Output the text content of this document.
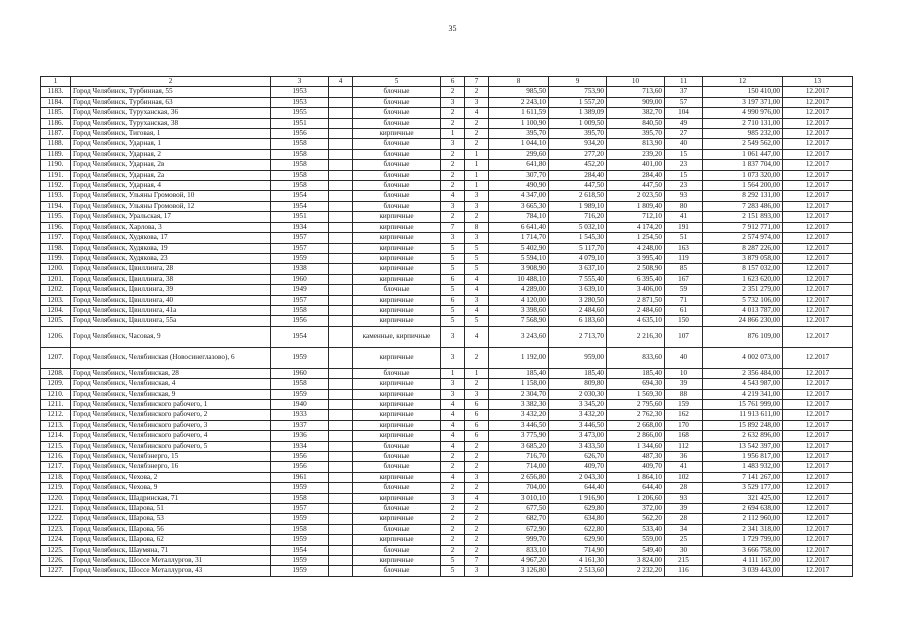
35
1	2	3	4	5	6	7	8	9	10	11	12	13
1183.	Город Челябинск, Турбинная, 55	1953		блочные	2	2	985,50	753,90	713,60	37	150 410,00	12.2017
1184.	Город Челябинск, Турбинная, 63	1953		блочные	3	3	2 243,10	1 557,20	909,00	57	3 197 371,00	12.2017
1185.	Город Челябинск, Туруханская, 36	1955		блочные	2	4	1 611,59	1 389,09	382,70	104	4 990 976,00	12.2017
1186.	Город Челябинск, Туруханская, 38	1951		блочные	2	2	1 100,90	1 009,50	840,50	49	2 710 131,00	12.2017
1187.	Город Челябинск, Тиговая, 1	1956		кирпичные	1	2	395,70	395,70	395,70	27	985 232,00	12.2017
1188.	Город Челябинск, Ударная, 1	1958		блочные	3	2	1 044,10	934,20	813,90	40	2 549 562,00	12.2017
1189.	Город Челябинск, Ударная, 2	1958		блочные	2	1	299,60	277,20	239,20	15	1 061 447,00	12.2017
1190.	Город Челябинск, Ударная, 2в	1958		блочные	2	1	641,80	452,20	401,00	23	1 837 704,00	12.2017
1191.	Город Челябинск, Ударная, 2а	1958		блочные	2	1	307,70	284,40	284,40	15	1 073 320,00	12.2017
1192.	Город Челябинск, Ударная, 4	1958		блочные	2	1	490,90	447,50	447,50	23	1 564 200,00	12.2017
1193.	Город Челябинск, Ульяны Громовой, 10	1954		блочные	4	3	4 347,00	2 618,50	2 023,50	93	8 292 131,00	12.2017
1194.	Город Челябинск, Ульяны Громовой, 12	1954		блочные	3	3	3 665,30	1 989,10	1 809,40	80	7 283 486,00	12.2017
1195.	Город Челябинск, Уральская, 17	1951		кирпичные	2	2	784,10	716,20	712,10	41	2 151 893,00	12.2017
1196.	Город Челябинск, Харлова, 3	1934		кирпичные	7	8	6 641,40	5 032,10	4 174,20	191	7 912 771,00	12.2017
1197.	Город Челябинск, Худякова, 17	1957		кирпичные	3	3	1 714,70	1 545,30	1 254,50	51	2 574 974,00	12.2017
1198.	Город Челябинск, Худякова, 19	1957		кирпичные	5	5	5 402,90	5 117,70	4 248,00	163	8 287 226,00	12.2017
1199.	Город Челябинск, Худякова, 23	1959		кирпичные	5	5	5 594,10	4 079,10	3 995,40	119	3 879 058,00	12.2017
1200.	Город Челябинск, Цвиллинга, 28	1938		кирпичные	5	5	3 908,90	3 637,10	2 508,90	85	8 157 032,00	12.2017
1201.	Город Челябинск, Цвиллинга, 38	1960		кирпичные	6	4	10 488,10	7 555,40	6 395,40	167	1 623 620,00	12.2017
1202.	Город Челябинск, Цвиллинга, 39	1949		блочные	5	4	4 289,00	3 639,10	3 406,00	59	2 351 279,00	12.2017
1203.	Город Челябинск, Цвиллинга, 40	1957		кирпичные	6	3	4 120,00	3 280,50	2 871,50	71	5 732 106,00	12.2017
1204.	Город Челябинск, Цвиллинга, 41а	1958		кирпичные	5	4	3 398,60	2 484,60	2 484,60	61	4 013 787,00	12.2017
1205.	Город Челябинск, Цвиллинга, 55а	1956		кирпичные	5	5	7 568,90	6 183,60	4 635,10	150	24 866 230,00	12.2017
1206.	Город Челябинск, Часовая, 9	1954		каменные, кирпичные	3	4	3 243,60	2 713,70	2 216,30	107	876 109,00	12.2017
1207.	Город Челябинск, Челябинская (Новосинеглазово), 6	1959		кирпичные	3	2	1 192,00	959,00	833,60	40	4 002 073,00	12.2017
1208.	Город Челябинск, Челябинская, 28	1960		блочные	1	1	185,40	185,40	185,40	10	2 356 484,00	12.2017
1209.	Город Челябинск, Челябинская, 4	1958		кирпичные	3	2	1 158,00	809,80	694,30	39	4 543 987,00	12.2017
1210.	Город Челябинск, Челябинская, 9	1959		кирпичные	3	3	2 304,70	2 030,30	1 569,30	88	4 219 341,00	12.2017
1211.	Город Челябинск, Челябинского рабочего, 1	1940		кирпичные	4	6	3 382,30	3 345,20	2 795,60	159	15 761 999,00	12.2017
1212.	Город Челябинск, Челябинского рабочего, 2	1933		кирпичные	4	6	3 432,20	3 432,20	2 762,30	162	11 913 611,00	12.2017
1213.	Город Челябинск, Челябинского рабочего, 3	1937		кирпичные	4	6	3 446,50	3 446,50	2 668,00	170	15 892 248,00	12.2017
1214.	Город Челябинск, Челябинского рабочего, 4	1936		кирпичные	4	6	3 775,90	3 473,00	2 866,00	168	2 632 896,00	12.2017
1215.	Город Челябинск, Челябинского рабочего, 5	1934		блочные	4	2	3 685,20	3 433,50	1 344,60	112	13 542 397,00	12.2017
1216.	Город Челябинск, Челябэнерго, 15	1956		блочные	2	2	716,70	626,70	487,30	36	1 956 817,00	12.2017
1217.	Город Челябинск, Челябэнерго, 16	1956		блочные	2	2	714,00	409,70	409,70	41	1 483 932,00	12.2017
1218.	Город Челябинск, Чехова, 2	1961		кирпичные	4	3	2 656,80	2 043,30	1 864,10	102	7 141 267,00	12.2017
1219.	Город Челябинск, Чехова, 9	1959		блочные	2	2	704,00	644,40	644,40	28	3 529 177,00	12.2017
1220.	Город Челябинск, Шадринская, 71	1958		кирпичные	3	4	3 010,10	1 916,90	1 206,60	93	321 425,00	12.2017
1221.	Город Челябинск, Шарова, 51	1957		блочные	2	2	677,50	629,80	372,00	39	2 694 638,00	12.2017
1222.	Город Челябинск, Шарова, 53	1959		кирпичные	2	2	682,70	634,80	562,20	28	2 112 960,00	12.2017
1223.	Город Челябинск, Шарова, 56	1958		блочные	2	2	672,90	622,80	533,40	34	2 341 318,00	12.2017
1224.	Город Челябинск, Шарова, 62	1959		кирпичные	2	2	999,70	629,90	559,00	25	1 729 799,00	12.2017
1225.	Город Челябинск, Шаумяна, 71	1954		блочные	2	2	833,10	714,90	549,40	30	3 666 758,00	12.2017
1226.	Город Челябинск, Шоссе Металлургов, 31	1959		кирпичные	5	7	4 967,20	4 161,30	3 824,00	215	4 111 167,00	12.2017
1227.	Город Челябинск, Шоссе Металлургов, 43	1959		блочные	5	3	3 126,80	2 513,60	2 232,20	116	3 039 443,00	12.2017
